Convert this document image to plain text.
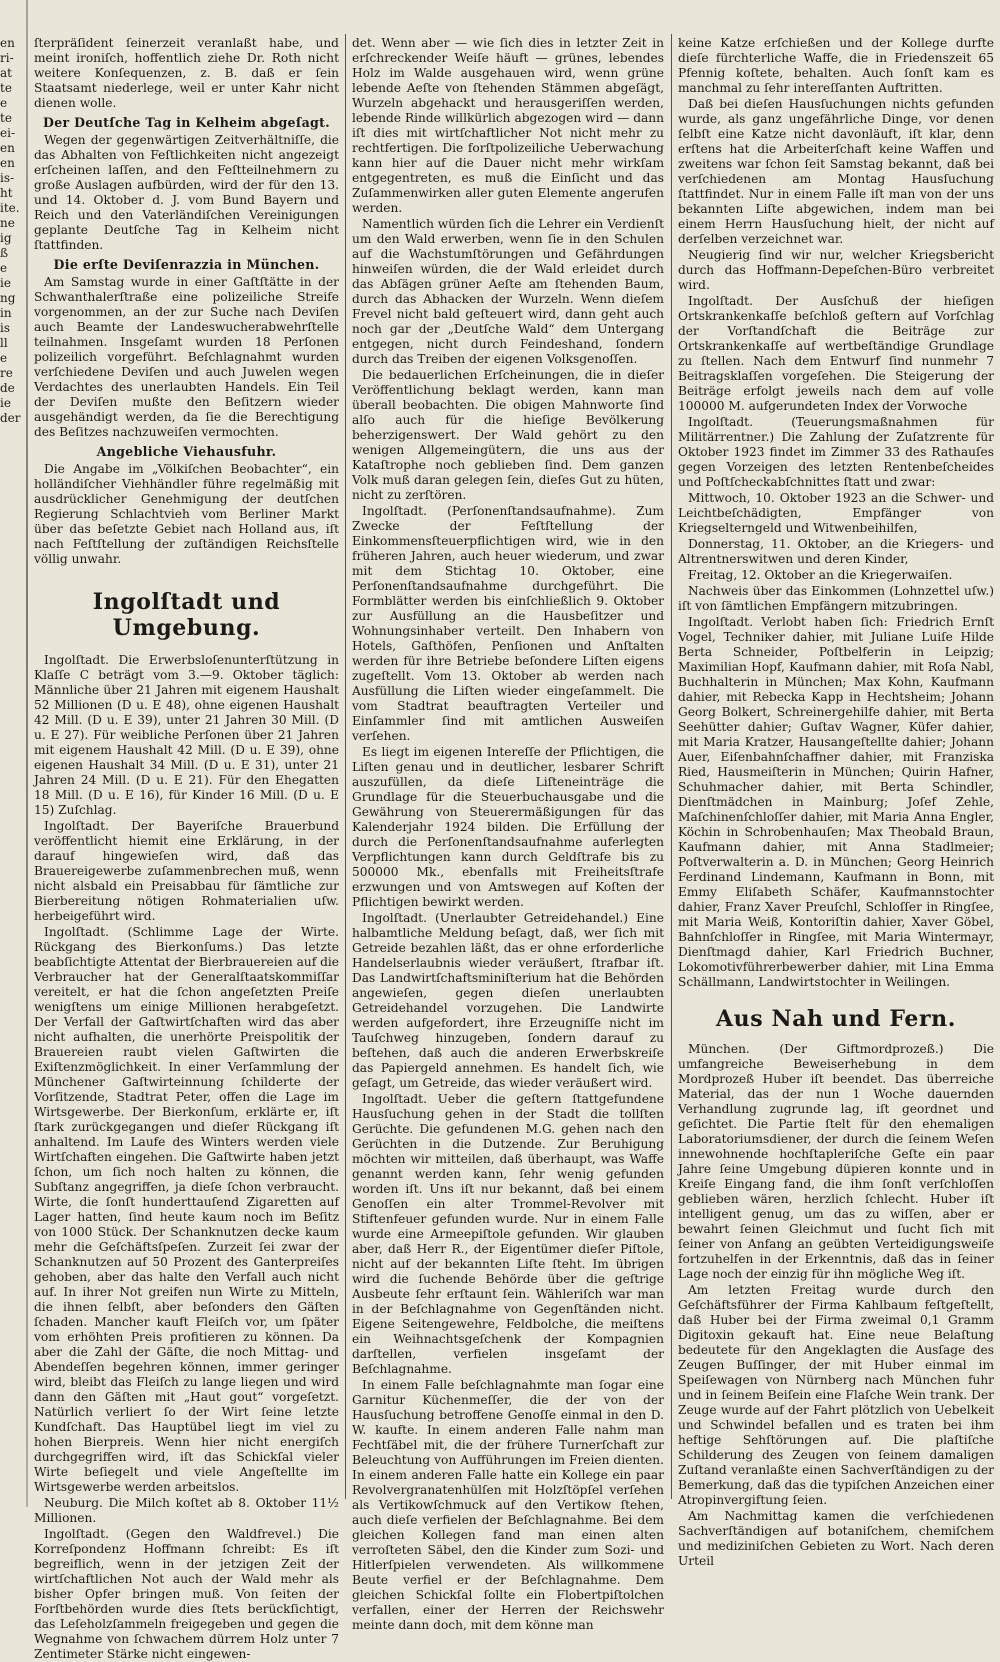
en
ri-
at
te
e
te
ei-
en
en
is-
ht
ite.
ne
ig
ß
e
ie
ng
in
is
ll
e
re
de
ie
der

ſterpräſident ſeinerzeit veranlaßt habe, und meint ironiſch, hoffentlich ziehe Dr. Roth nicht weitere Konſequenzen, z. B. daß er ſein Staatsamt niederlege, weil er unter Kahr nicht dienen wolle.

Der Deutſche Tag in Kelheim abgeſagt.

Wegen der gegenwärtigen Zeitverhältniſſe, die das Abhalten von Feſtlichkeiten nicht angezeigt erſcheinen laſſen, and den Feſtteilnehmern zu große Auslagen aufbürden, wird der für den 13. und 14. Oktober d. J. vom Bund Bayern und Reich und den Vaterländiſchen Vereinigungen geplante Deutſche Tag in Kelheim nicht ſtattfinden.

Die erſte Deviſenrazzia in München.

Am Samstag wurde in einer Gaſtſtätte in der Schwanthalerſtraße eine polizeiliche Streife vorgenommen, an der zur Suche nach Deviſen auch Beamte der Landeswucherabwehrſtelle teilnahmen. Insgeſamt wurden 18 Perſonen polizeilich vorgeführt. Beſchlagnahmt wurden verſchiedene Deviſen und auch Juwelen wegen Verdachtes des unerlaubten Handels. Ein Teil der Deviſen mußte den Beſitzern wieder ausgehändigt werden, da ſie die Berechtigung des Beſitzes nachzuweiſen vermochten.

Angebliche Viehausfuhr.

Die Angabe im „Völkiſchen Beobachter“, ein holländiſcher Viehhändler führe regelmäßig mit ausdrücklicher Genehmigung der deutſchen Regierung Schlachtvieh vom Berliner Markt über das beſetzte Gebiet nach Holland aus, iſt nach Feſtſtellung der zuſtändigen Reichsſtelle völlig unwahr.

Ingolſtadt und Umgebung.

Ingolſtadt. Die Erwerbsloſenunterſtützung in Klaſſe C beträgt vom 3.—9. Oktober täglich: Männliche über 21 Jahren mit eigenem Haushalt 52 Millionen (D u. E 48), ohne eigenen Haushalt 42 Mill. (D u. E 39), unter 21 Jahren 30 Mill. (D u. E 27). Für weibliche Perſonen über 21 Jahren mit eigenem Haushalt 42 Mill. (D u. E 39), ohne eigenen Haushalt 34 Mill. (D u. E 31), unter 21 Jahren 24 Mill. (D u. E 21). Für den Ehegatten 18 Mill. (D u. E 16), für Kinder 16 Mill. (D u. E 15) Zuſchlag.

Ingolſtadt. Der Bayeriſche Brauerbund veröffentlicht hiemit eine Erklärung, in der darauf hingewieſen wird, daß das Brauereigewerbe zuſammenbrechen muß, wenn nicht alsbald ein Preisabbau für ſämtliche zur Bierbereitung nötigen Rohmaterialien uſw. herbeigeführt wird.

Ingolſtadt. (Schlimme Lage der Wirte. Rückgang des Bierkonſums.) Das letzte beabſichtigte Attentat der Bierbrauereien auf die Verbraucher hat der Generalſtaatskommiſſar vereitelt, er hat die ſchon angeſetzten Preiſe wenigſtens um einige Millionen herabgeſetzt. Der Verfall der Gaſtwirtſchaften wird das aber nicht aufhalten, die unerhörte Preispolitik der Brauereien raubt vielen Gaſtwirten die Exiſtenzmöglichkeit. In einer Verſammlung der Münchener Gaſtwirteinnung ſchilderte der Vorſitzende, Stadtrat Peter, offen die Lage im Wirtsgewerbe. Der Bierkonſum, erklärte er, iſt ſtark zurückgegangen und dieſer Rückgang iſt anhaltend. Im Laufe des Winters werden viele Wirtſchaften eingehen. Die Gaſtwirte haben jetzt ſchon, um ſich noch halten zu können, die Subſtanz angegriffen, ja dieſe ſchon verbraucht. Wirte, die ſonſt hunderttauſend Zigaretten auf Lager hatten, ſind heute kaum noch im Beſitz von 1000 Stück. Der Schanknutzen decke kaum mehr die Geſchäftsſpeſen. Zurzeit ſei zwar der Schanknutzen auf 50 Prozent des Ganterpreiſes gehoben, aber das halte den Verfall auch nicht auf. In ihrer Not greifen nun Wirte zu Mitteln, die ihnen ſelbſt, aber beſonders den Gäſten ſchaden. Mancher kauft Fleiſch vor, um ſpäter vom erhöhten Preis profitieren zu können. Da aber die Zahl der Gäſte, die noch Mittag- und Abendeſſen begehren können, immer geringer wird, bleibt das Fleiſch zu lange liegen und wird dann den Gäſten mit „Haut gout“ vorgeſetzt. Natürlich verliert ſo der Wirt ſeine letzte Kundſchaft. Das Hauptübel liegt im viel zu hohen Bierpreis. Wenn hier nicht energiſch durchgegriffen wird, iſt das Schickſal vieler Wirte beſiegelt und viele Angeſtellte im Wirtsgewerbe werden arbeitslos.

Neuburg. Die Milch koſtet ab 8. Oktober 11½ Millionen.

Ingolſtadt. (Gegen den Waldfrevel.) Die Korreſpondenz Hoffmann ſchreibt: Es iſt begreiflich, wenn in der jetzigen Zeit der wirtſchaftlichen Not auch der Wald mehr als bisher Opfer bringen muß. Von ſeiten der Forſtbehörden wurde dies ſtets berückſichtigt, das Leſeholzſammeln freigegeben und gegen die Wegnahme von ſchwachem dürrem Holz unter 7 Zentimeter Stärke nicht eingewen-

det. Wenn aber — wie ſich dies in letzter Zeit in erſchreckender Weiſe häuft — grünes, lebendes Holz im Walde ausgehauen wird, wenn grüne lebende Aeſte von ſtehenden Stämmen abgeſägt, Wurzeln abgehackt und herausgeriſſen werden, lebende Rinde willkürlich abgezogen wird — dann iſt dies mit wirtſchaftlicher Not nicht mehr zu rechtfertigen. Die forſtpolizeiliche Ueberwachung kann hier auf die Dauer nicht mehr wirkſam entgegentreten, es muß die Einſicht und das Zuſammenwirken aller guten Elemente angerufen werden.

Namentlich würden ſich die Lehrer ein Verdienſt um den Wald erwerben, wenn ſie in den Schulen auf die Wachstumſtörungen und Gefährdungen hinweiſen würden, die der Wald erleidet durch das Abſägen grüner Aeſte am ſtehenden Baum, durch das Abhacken der Wurzeln. Wenn dieſem Frevel nicht bald geſteuert wird, dann geht auch noch gar der „Deutſche Wald“ dem Untergang entgegen, nicht durch Feindeshand, ſondern durch das Treiben der eigenen Volksgenoſſen.

Die bedauerlichen Erſcheinungen, die in dieſer Veröffentlichung beklagt werden, kann man überall beobachten. Die obigen Mahnworte ſind alſo auch für die hieſige Bevölkerung beherzigenswert. Der Wald gehört zu den wenigen Allgemeingütern, die uns aus der Kataſtrophe noch geblieben ſind. Dem ganzen Volk muß daran gelegen ſein, dieſes Gut zu hüten, nicht zu zerſtören.

Ingolſtadt. (Perſonenſtandsaufnahme). Zum Zwecke der Feſtſtellung der Einkommensſteuerpflichtigen wird, wie in den früheren Jahren, auch heuer wiederum, und zwar mit dem Stichtag 10. Oktober, eine Perſonenſtandsaufnahme durchgeführt. Die Formblätter werden bis einſchließlich 9. Oktober zur Ausfüllung an die Hausbeſitzer und Wohnungsinhaber verteilt. Den Inhabern von Hotels, Gaſthöfen, Penſionen und Anſtalten werden für ihre Betriebe beſondere Liſten eigens zugeſtellt. Vom 13. Oktober ab werden nach Ausfüllung die Liſten wieder eingeſammelt. Die vom Stadtrat beauftragten Verteiler und Einſammler ſind mit amtlichen Ausweiſen verſehen.

Es liegt im eigenen Intereſſe der Pflichtigen, die Liſten genau und in deutlicher, lesbarer Schrift auszufüllen, da dieſe Liſteneinträge die Grundlage für die Steuerbuchausgabe und die Gewährung von Steuerermäßigungen für das Kalenderjahr 1924 bilden. Die Erfüllung der durch die Perſonenſtandsaufnahme auferlegten Verpflichtungen kann durch Geldſtrafe bis zu 500000 Mk., ebenfalls mit Freiheitsſtrafe erzwungen und von Amtswegen auf Koſten der Pflichtigen bewirkt werden.

Ingolſtadt. (Unerlaubter Getreidehandel.) Eine halbamtliche Meldung beſagt, daß, wer ſich mit Getreide bezahlen läßt, das er ohne erforderliche Handelserlaubnis wieder veräußert, ſtrafbar iſt. Das Landwirtſchaftsminiſterium hat die Behörden angewieſen, gegen dieſen unerlaubten Getreidehandel vorzugehen. Die Landwirte werden aufgefordert, ihre Erzeugniſſe nicht im Tauſchweg hinzugeben, ſondern darauf zu beſtehen, daß auch die anderen Erwerbskreiſe das Papiergeld annehmen. Es handelt ſich, wie geſagt, um Getreide, das wieder veräußert wird.

Ingolſtadt. Ueber die geſtern ſtattgefundene Hausſuchung gehen in der Stadt die tollſten Gerüchte. Die gefundenen M.G. gehen nach den Gerüchten in die Dutzende. Zur Beruhigung möchten wir mitteilen, daß überhaupt, was Waffe genannt werden kann, ſehr wenig gefunden worden iſt. Uns iſt nur bekannt, daß bei einem Genoſſen ein alter Trommel-Revolver mit Stiftenfeuer gefunden wurde. Nur in einem Falle wurde eine Armeepiſtole gefunden. Wir glauben aber, daß Herr R., der Eigentümer dieſer Piſtole, nicht auf der bekannten Liſte ſteht. Im übrigen wird die ſuchende Behörde über die geſtrige Ausbeute ſehr erſtaunt ſein. Wähleriſch war man in der Beſchlagnahme von Gegenſtänden nicht. Eigene Seitengewehre, Feldbolche, die meiſtens ein Weihnachtsgeſchenk der Kompagnien darſtellen, verfielen insgeſamt der Beſchlagnahme.

In einem Falle beſchlagnahmte man ſogar eine Garnitur Küchenmeſſer, die der von der Hausſuchung betroffene Genoſſe einmal in den D. W. kaufte. In einem anderen Falle nahm man Fechtſäbel mit, die der frühere Turnerſchaft zur Beleuchtung von Aufführungen im Freien dienten. In einem anderen Falle hatte ein Kollege ein paar Revolvergranatenhülſen mit Holzſtöpſel verſehen als Vertikowſchmuck auf den Vertikow ſtehen, auch dieſe verfielen der Beſchlagnahme. Bei dem gleichen Kollegen fand man einen alten verroſteten Säbel, den die Kinder zum Sozi- und Hitlerſpielen verwendeten. Als willkommene Beute verfiel er der Beſchlagnahme. Dem gleichen Schickſal ſollte ein Flobertpiſtolchen verfallen, einer der Herren der Reichswehr meinte dann doch, mit dem könne man

keine Katze erſchießen und der Kollege durfte dieſe fürchterliche Waffe, die in Friedenszeit 65 Pfennig koſtete, behalten. Auch ſonſt kam es manchmal zu ſehr intereſſanten Auftritten.

Daß bei dieſen Hausſuchungen nichts gefunden wurde, als ganz ungefährliche Dinge, vor denen ſelbſt eine Katze nicht davonläuft, iſt klar, denn erſtens hat die Arbeiterſchaft keine Waffen und zweitens war ſchon ſeit Samstag bekannt, daß bei verſchiedenen am Montag Hausſuchung ſtattfindet. Nur in einem Falle iſt man von der uns bekannten Liſte abgewichen, indem man bei einem Herrn Hausſuchung hielt, der nicht auf derſelben verzeichnet war.

Neugierig ſind wir nur, welcher Kriegsbericht durch das Hoffmann-Depeſchen-Büro verbreitet wird.

Ingolſtadt. Der Ausſchuß der hieſigen Ortskrankenkaſſe beſchloß geſtern auf Vorſchlag der Vorſtandſchaft die Beiträge zur Ortskrankenkaſſe auf wertbeſtändige Grundlage zu ſtellen. Nach dem Entwurf ſind nunmehr 7 Beitragsklaſſen vorgeſehen. Die Steigerung der Beiträge erfolgt jeweils nach dem auf volle 100000 M. aufgerundeten Index der Vorwoche

Ingolſtadt. (Teuerungsmaßnahmen für Militärrentner.) Die Zahlung der Zuſatzrente für Oktober 1923 findet im Zimmer 33 des Rathauſes gegen Vorzeigen des letzten Rentenbeſcheides und Poſtſcheckabſchnittes ſtatt und zwar:

Mittwoch, 10. Oktober 1923 an die Schwer- und Leichtbeſchädigten, Empfänger von Kriegselterngeld und Witwenbeihilfen,

Donnerstag, 11. Oktober, an die Kriegers- und Altrentnerswitwen und deren Kinder,

Freitag, 12. Oktober an die Kriegerwaiſen.

Nachweis über das Einkommen (Lohnzettel uſw.) iſt von ſämtlichen Empfängern mitzubringen.

Ingolſtadt. Verlobt haben ſich: Friedrich Ernſt Vogel, Techniker dahier, mit Juliane Luiſe Hilde Berta Schneider, Poſtbelferin in Leipzig; Maximilian Hopf, Kaufmann dahier, mit Roſa Nabl, Buchhalterin in München; Max Kohn, Kaufmann dahier, mit Rebecka Kapp in Hechtsheim; Johann Georg Bolkert, Schreinergehilfe dahier, mit Berta Seehütter dahier; Guſtav Wagner, Küfer dahier, mit Maria Kratzer, Hausangeſtellte dahier; Johann Auer, Eiſenbahnſchaffner dahier, mit Franziska Ried, Hausmeiſterin in München; Quirin Hafner, Schuhmacher dahier, mit Berta Schindler, Dienſtmädchen in Mainburg; Joſef Zehle, Maſchinenſchloſſer dahier, mit Maria Anna Engler, Köchin in Schrobenhauſen; Max Theobald Braun, Kaufmann dahier, mit Anna Stadlmeier; Poſtverwalterin a. D. in München; Georg Heinrich Ferdinand Lindemann, Kaufmann in Bonn, mit Emmy Eliſabeth Schäfer, Kaufmannstochter dahier, Franz Xaver Preuſchl, Schloſſer in Ringſee, mit Maria Weiß, Kontoriſtin dahier, Xaver Göbel, Bahnſchloſſer in Ringſee, mit Maria Wintermayr, Dienſtmagd dahier, Karl Friedrich Buchner, Lokomotivführerbewerber dahier, mit Lina Emma Schällmann, Landwirtstochter in Weilingen.

Aus Nah und Fern.

München. (Der Giftmordprozeß.) Die umfangreiche Beweiserhebung in dem Mordprozeß Huber iſt beendet. Das überreiche Material, das der nun 1 Woche dauernden Verhandlung zugrunde lag, iſt geordnet und geſichtet. Die Partie ſtelt für den ehemaligen Laboratoriumsdiener, der durch die ſeinem Weſen innewohnende hochſtapleriſche Geſte ein paar Jahre ſeine Umgebung düpieren konnte und in Kreiſe Eingang fand, die ihm ſonſt verſchloſſen geblieben wären, herzlich ſchlecht. Huber iſt intelligent genug, um das zu wiſſen, aber er bewahrt ſeinen Gleichmut und ſucht ſich mit ſeiner von Anfang an geübten Verteidigungsweiſe fortzuhelfen in der Erkenntnis, daß das in ſeiner Lage noch der einzig für ihn mögliche Weg iſt.

Am letzten Freitag wurde durch den Geſchäftsführer der Firma Kahlbaum feſtgeſtellt, daß Huber bei der Firma zweimal 0,1 Gramm Digitoxin gekauft hat. Eine neue Belaſtung bedeutete für den Angeklagten die Ausſage des Zeugen Buſſinger, der mit Huber einmal im Speiſewagen von Nürnberg nach München fuhr und in ſeinem Beiſein eine Flaſche Wein trank. Der Zeuge wurde auf der Fahrt plötzlich von Uebelkeit und Schwindel befallen und es traten bei ihm heftige Sehſtörungen auf. Die plaſtiſche Schilderung des Zeugen von ſeinem damaligen Zuſtand veranlaßte einen Sachverſtändigen zu der Bemerkung, daß das die typiſchen Anzeichen einer Atropinvergiftung ſeien.

Am Nachmittag kamen die verſchiedenen Sachverſtändigen auf botaniſchem, chemiſchem und mediziniſchen Gebieten zu Wort. Nach deren Urteil
